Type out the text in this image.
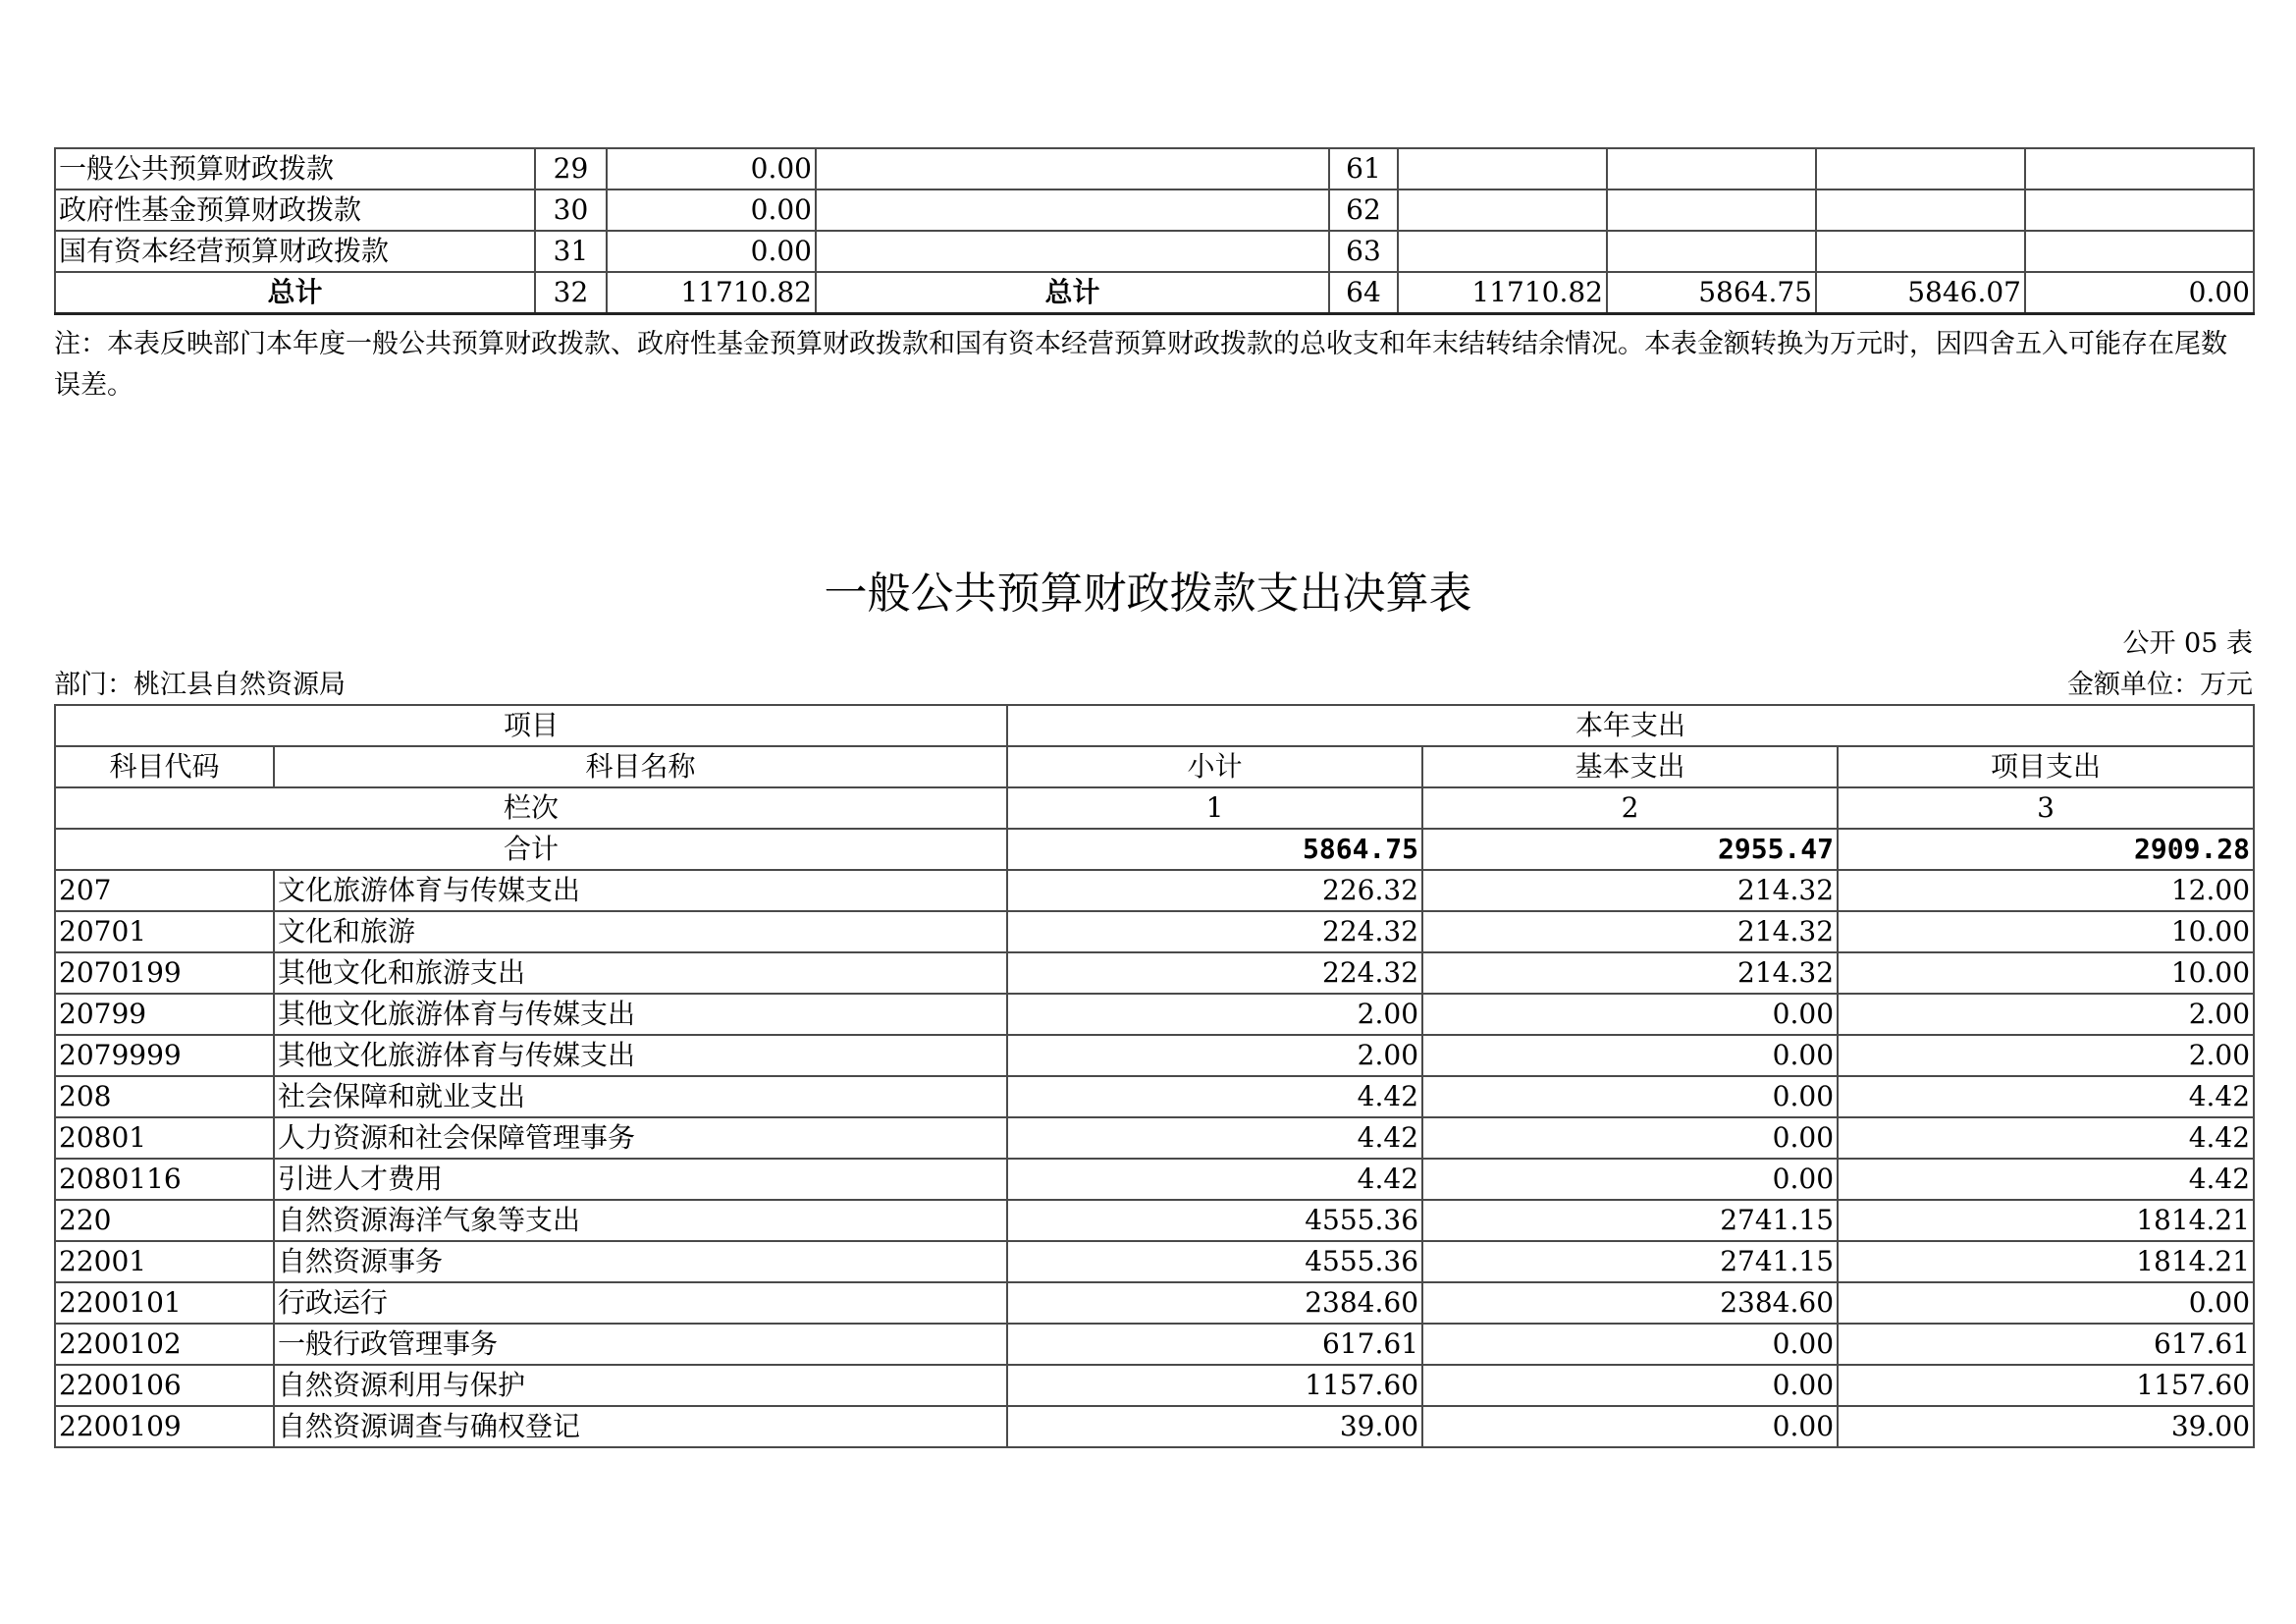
一般公共预算财政拨款	29	0.00		61				
政府性基金预算财政拨款	30	0.00		62				
国有资本经营预算财政拨款	31	0.00		63				
总计	32	11710.82	总计	64	11710.82	5864.75	5846.07	0.00
注：本表反映部门本年度一般公共预算财政拨款、政府性基金预算财政拨款和国有资本经营预算财政拨款的总收支和年末结转结余情况。本表金额转换为万元时，因四舍五入可能存在尾数误差。
一般公共预算财政拨款支出决算表
公开 05 表
部门：桃江县自然资源局	金额单位：万元
项目		本年支出		
科目代码	科目名称	小计	基本支出	项目支出
栏次		1	2	3
合计		5864.75	2955.47	2909.28
207	文化旅游体育与传媒支出	226.32	214.32	12.00
20701	文化和旅游	224.32	214.32	10.00
2070199	其他文化和旅游支出	224.32	214.32	10.00
20799	其他文化旅游体育与传媒支出	2.00	0.00	2.00
2079999	其他文化旅游体育与传媒支出	2.00	0.00	2.00
208	社会保障和就业支出	4.42	0.00	4.42
20801	人力资源和社会保障管理事务	4.42	0.00	4.42
2080116	引进人才费用	4.42	0.00	4.42
220	自然资源海洋气象等支出	4555.36	2741.15	1814.21
22001	自然资源事务	4555.36	2741.15	1814.21
2200101	行政运行	2384.60	2384.60	0.00
2200102	一般行政管理事务	617.61	0.00	617.61
2200106	自然资源利用与保护	1157.60	0.00	1157.60
2200109	自然资源调查与确权登记	39.00	0.00	39.00
